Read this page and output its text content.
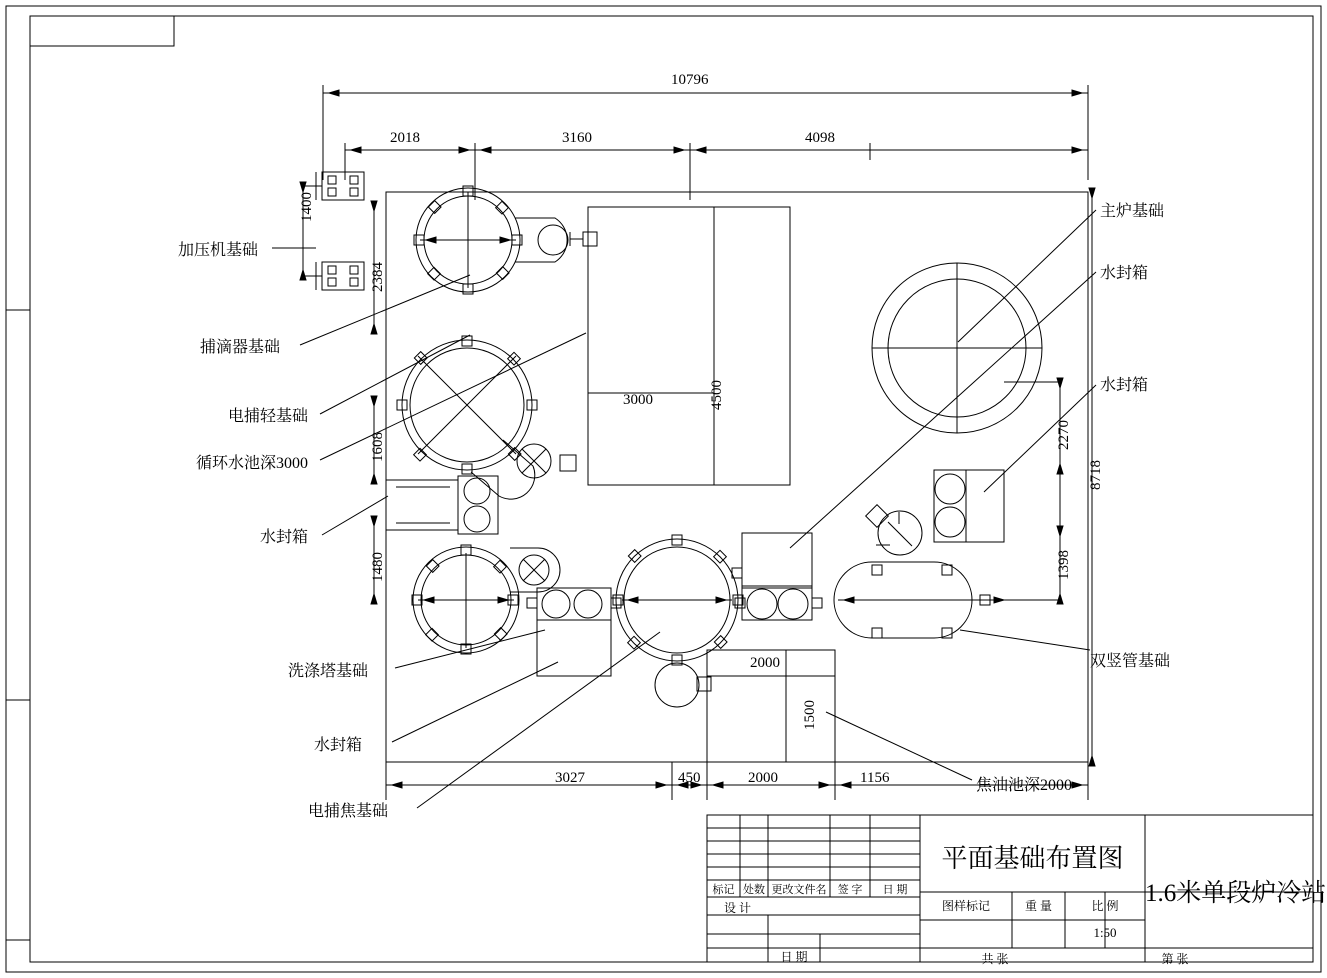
10796
2018	3160	4098
1400
2384
1608
1480
3000	4500
2000
1500
3027	450	2000	1156
2270
1398
8718
加压机基础
捕滴器基础
电捕轻基础
循环水池深3000
水封箱
洗涤塔基础
水封箱
电捕焦基础
主炉基础
水封箱
水封箱
双竖管基础
焦油池深2000
标记 处数 更改文件名	签 字	日 期
设 计
日 期
平面基础布置图
1.6米单段炉冷站
图样标记	重 量	比 例
1:50
共 张	第 张
